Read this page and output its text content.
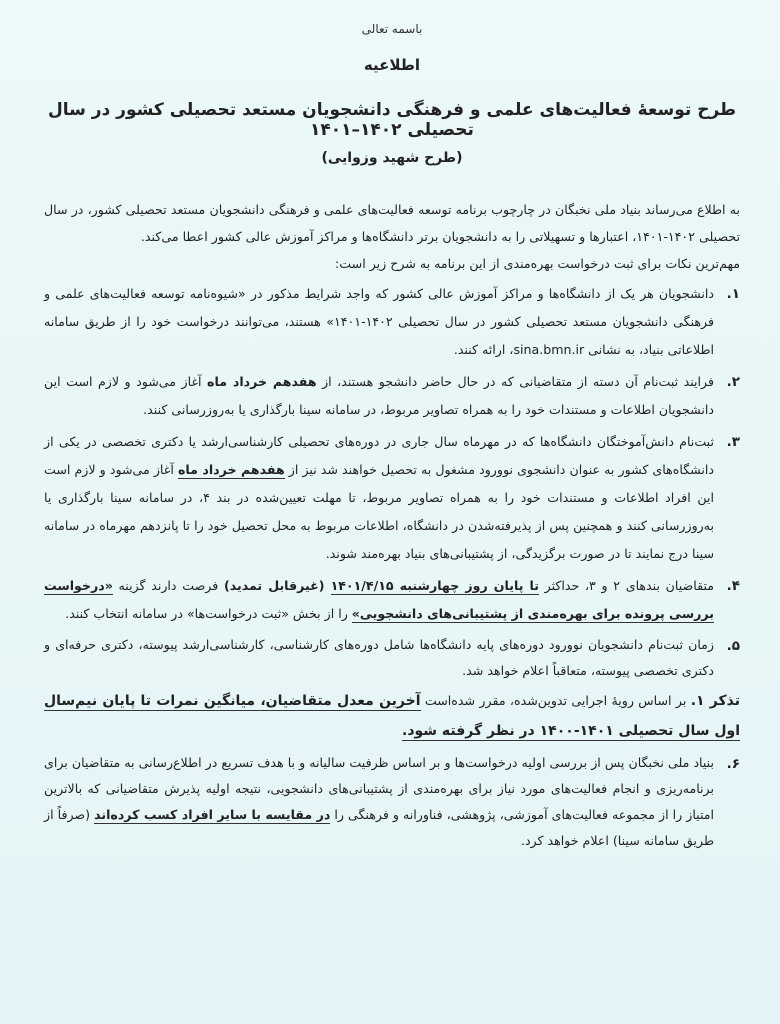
باسمه تعالی
اطلاعیه
طرح توسعهٔ فعالیت‌های علمی و فرهنگی دانشجویان مستعد تحصیلی کشور در سال تحصیلی ۱۴۰۲–۱۴۰۱
(طرح شهید وزوایی)

به اطلاع می‌رساند بنیاد ملی نخبگان در چارچوب برنامه توسعه فعالیت‌های علمی و فرهنگی دانشجویان مستعد تحصیلی کشور، در سال تحصیلی ۱۴۰۲-۱۴۰۱، اعتبارها و تسهیلاتی را به دانشجویان برتر دانشگاه‌ها و مراکز آموزش عالی کشور اعطا می‌کند.

مهم‌ترین نکات برای ثبت درخواست بهره‌مندی از این برنامه به شرح زیر است:

۱.

دانشجویان هر یک از دانشگاه‌ها و مراکز آموزش عالی کشور که واجد شرایط مذکور در «شیوه‌نامه توسعه فعالیت‌های علمی و فرهنگی دانشجویان مستعد تحصیلی کشور در سال تحصیلی ۱۴۰۲-۱۴۰۱» هستند، می‌توانند درخواست خود را از طریق سامانه اطلاعاتی بنیاد، به نشانی sina.bmn.ir، ارائه کنند.

۲.

فرایند ثبت‌نام آن دسته از متقاضیانی که در حال حاضر دانشجو هستند، از هفدهم خرداد ماه آغاز می‌شود و لازم است این دانشجویان اطلاعات و مستندات خود را به همراه تصاویر مربوط، در سامانه سینا بارگذاری یا به‌روزرسانی کنند.

۳.

ثبت‌نام دانش‌آموختگان دانشگاه‌ها که در مهرماه سال جاری در دوره‌های تحصیلی کارشناسی‌ارشد یا دکتری تخصصی در یکی از دانشگاه‌های کشور به عنوان دانشجوی نوورود مشغول به تحصیل خواهند شد نیز از هفدهم خرداد ماه آغاز می‌شود و لازم است این افراد اطلاعات و مستندات خود را به همراه تصاویر مربوط، تا مهلت تعیین‌شده در بند ۴، در سامانه سینا بارگذاری یا به‌روزرسانی کنند و همچنین پس از پذیرفته‌شدن در دانشگاه، اطلاعات مربوط به محل تحصیل خود را تا پانزدهم مهرماه در سامانه سینا درج نمایند تا در صورت برگزیدگی، از پشتیبانی‌های بنیاد بهره‌مند شوند.

۴.

متقاضیان بندهای ۲ و ۳، حداکثر تا پایان روز چهارشنبه ۱۴۰۱/۴/۱۵ (غیرقابل تمدید) فرصت دارند گزینه «درخواست بررسی پرونده برای بهره‌مندی از پشتیبانی‌های دانشجویی» را از بخش «ثبت درخواست‌ها» در سامانه انتخاب کنند.

۵.

زمان ثبت‌نام دانشجویان نوورود دوره‌های پایه دانشگاه‌ها شامل دوره‌های کارشناسی، کارشناسی‌ارشد پیوسته، دکتری حرفه‌ای و دکتری تخصصی پیوسته، متعاقباً اعلام خواهد شد.

تذکر ۱. بر اساس رویهٔ اجرایی تدوین‌شده، مقرر شده‌است آخرین معدل متقاضیان، میانگین نمرات تا پایان نیم‌سال اول سال تحصیلی ۱۴۰۱-۱۴۰۰ در نظر گرفته شود.

۶.

بنیاد ملی نخبگان پس از بررسی اولیه درخواست‌ها و بر اساس ظرفیت سالیانه و با هدف تسریع در اطلاع‌رسانی به متقاضیان برای برنامه‌ریزی و انجام فعالیت‌های مورد نیاز برای بهره‌مندی از پشتیبانی‌های دانشجویی، نتیجه اولیه پذیرش متقاضیانی که بالاترین امتیاز را از مجموعه فعالیت‌های آموزشی، پژوهشی، فناورانه و فرهنگی را در مقایسه با سایر افراد کسب کرده‌اند (صرفاً از طریق سامانه سینا) اعلام خواهد کرد.
